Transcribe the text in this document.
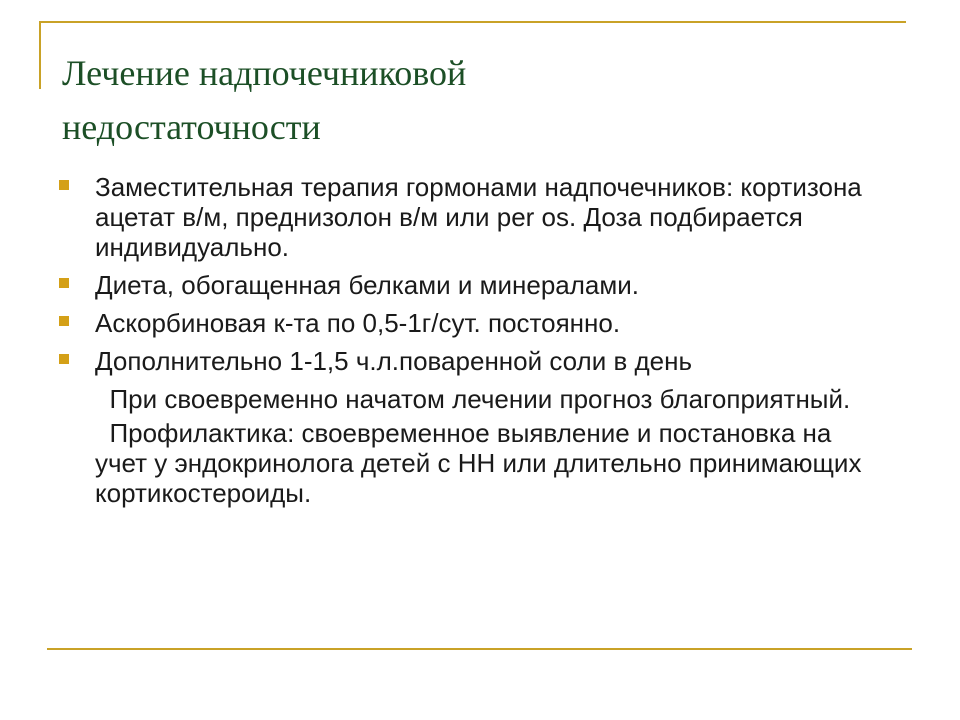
Лечение надпочечниковой
недостаточности
Заместительная терапия гормонами надпочечников: кортизона ацетат в/м, преднизолон в/м или per os. Доза подбирается индивидуально.
Диета, обогащенная белками и минералами.
Аскорбиновая к-та по 0,5-1г/сут. постоянно.
Дополнительно 1-1,5 ч.л.поваренной соли в день
При своевременно начатом лечении прогноз благоприятный.
Профилактика: своевременное выявление и постановка на учет у эндокринолога детей с НН или длительно принимающих кортикостероиды.
